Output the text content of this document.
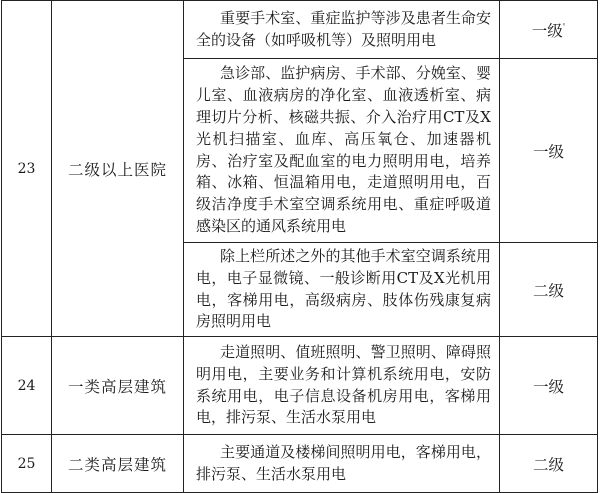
23	二级以上医院	重要手术室、重症监护等涉及患者生命安全的设备（如呼吸机等）及照明用电	一级'
		急诊部、监护病房、手术部、分娩室、婴儿室、血液病房的净化室、血液透析室、病理切片分析、核磁共振、介入治疗用CT及X光机扫描室、血库、高压氧仓、加速器机房、治疗室及配血室的电力照明用电，培养箱、冰箱、恒温箱用电，走道照明用电，百级洁净度手术室空调系统用电、重症呼吸道感染区的通风系统用电	一级
		除上栏所述之外的其他手术室空调系统用电，电子显微镜、一般诊断用CT及X光机用电，客梯用电，高级病房、肢体伤残康复病房照明用电	二级
24	一类高层建筑	走道照明、值班照明、警卫照明、障碍照明用电，主要业务和计算机系统用电，安防系统用电，电子信息设备机房用电，客梯用电，排污泵、生活水泵用电	一级
25	二类高层建筑	主要通道及楼梯间照明用电，客梯用电，排污泵、生活水泵用电	二级
